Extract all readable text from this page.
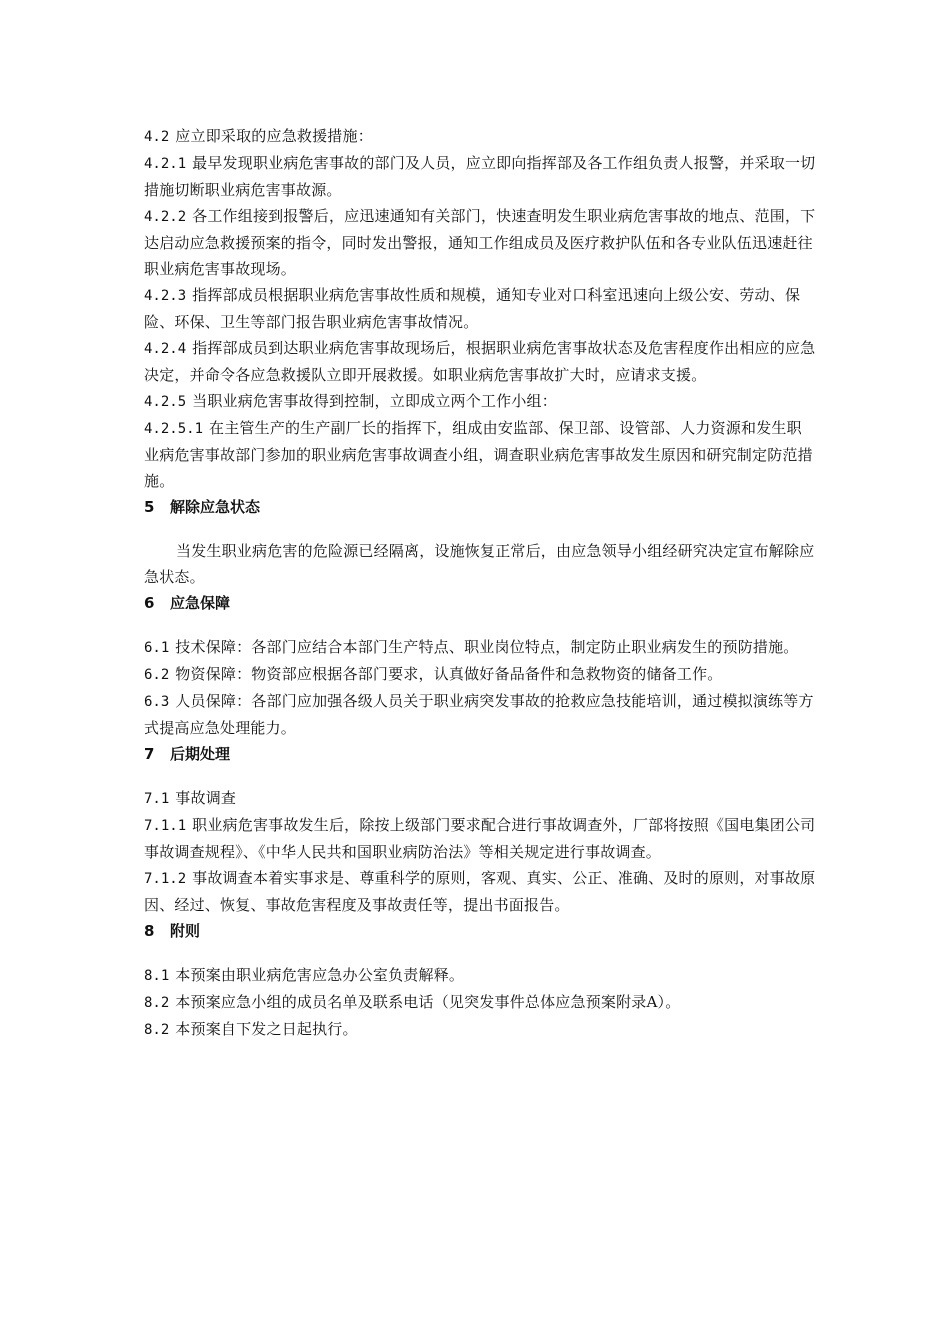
4.2 应立即采取的应急救援措施：

4.2.1 最早发现职业病危害事故的部门及人员，应立即向指挥部及各工作组负责人报警，并采取一切措施切断职业病危害事故源。

4.2.2 各工作组接到报警后，应迅速通知有关部门，快速查明发生职业病危害事故的地点、范围，下达启动应急救援预案的指令，同时发出警报，通知工作组成员及医疗救护队伍和各专业队伍迅速赶往职业病危害事故现场。

4.2.3 指挥部成员根据职业病危害事故性质和规模，通知专业对口科室迅速向上级公安、劳动、保险、环保、卫生等部门报告职业病危害事故情况。

4.2.4 指挥部成员到达职业病危害事故现场后，根据职业病危害事故状态及危害程度作出相应的应急决定，并命令各应急救援队立即开展救援。如职业病危害事故扩大时，应请求支援。

4.2.5 当职业病危害事故得到控制，立即成立两个工作小组：

4.2.5.1 在主管生产的生产副厂长的指挥下，组成由安监部、保卫部、设管部、人力资源和发生职业病危害事故部门参加的职业病危害事故调查小组，调查职业病危害事故发生原因和研究制定防范措施。

5 解除应急状态

当发生职业病危害的危险源已经隔离，设施恢复正常后，由应急领导小组经研究决定宣布解除应急状态。

6 应急保障

6.1 技术保障：各部门应结合本部门生产特点、职业岗位特点，制定防止职业病发生的预防措施。

6.2 物资保障：物资部应根据各部门要求，认真做好备品备件和急救物资的储备工作。

6.3 人员保障：各部门应加强各级人员关于职业病突发事故的抢救应急技能培训，通过模拟演练等方式提高应急处理能力。

7 后期处理

7.1 事故调查

7.1.1 职业病危害事故发生后，除按上级部门要求配合进行事故调查外，厂部将按照《国电集团公司事故调查规程》、《中华人民共和国职业病防治法》等相关规定进行事故调查。

7.1.2 事故调查本着实事求是、尊重科学的原则，客观、真实、公正、准确、及时的原则，对事故原因、经过、恢复、事故危害程度及事故责任等，提出书面报告。

8 附则

8.1 本预案由职业病危害应急办公室负责解释。

8.2 本预案应急小组的成员名单及联系电话（见突发事件总体应急预案附录A）。

8.2 本预案自下发之日起执行。
